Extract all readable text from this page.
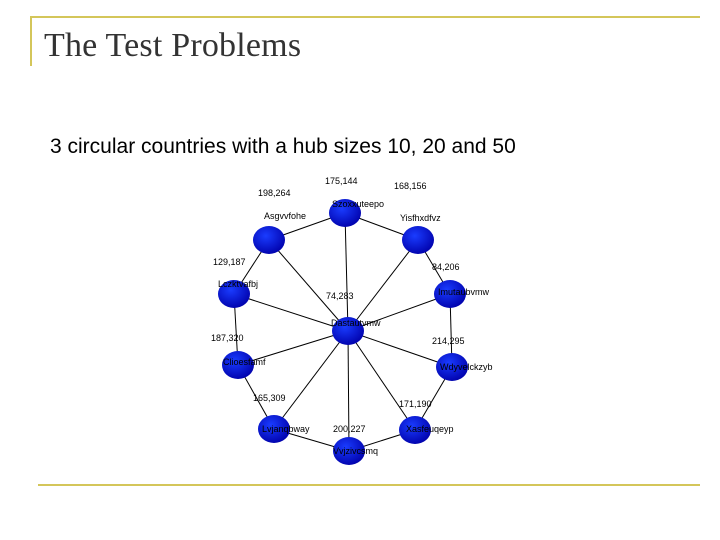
The Test Problems
3 circular countries with a hub sizes 10, 20 and 50
175,144
Szoxxuteepo
168,156
Yisfhxdfvz
84,206
Imutaubvmw
214,295
Wdyvelckzyb
171,190
Xasfeuqeyp
200,227
Vvjzivcsmq
165,309
Lvjanqbway
187,320
Clioesfamf
129,187
Lczktvafbj
198,264
Asgvvfohe
74,283
Dastautvmw
